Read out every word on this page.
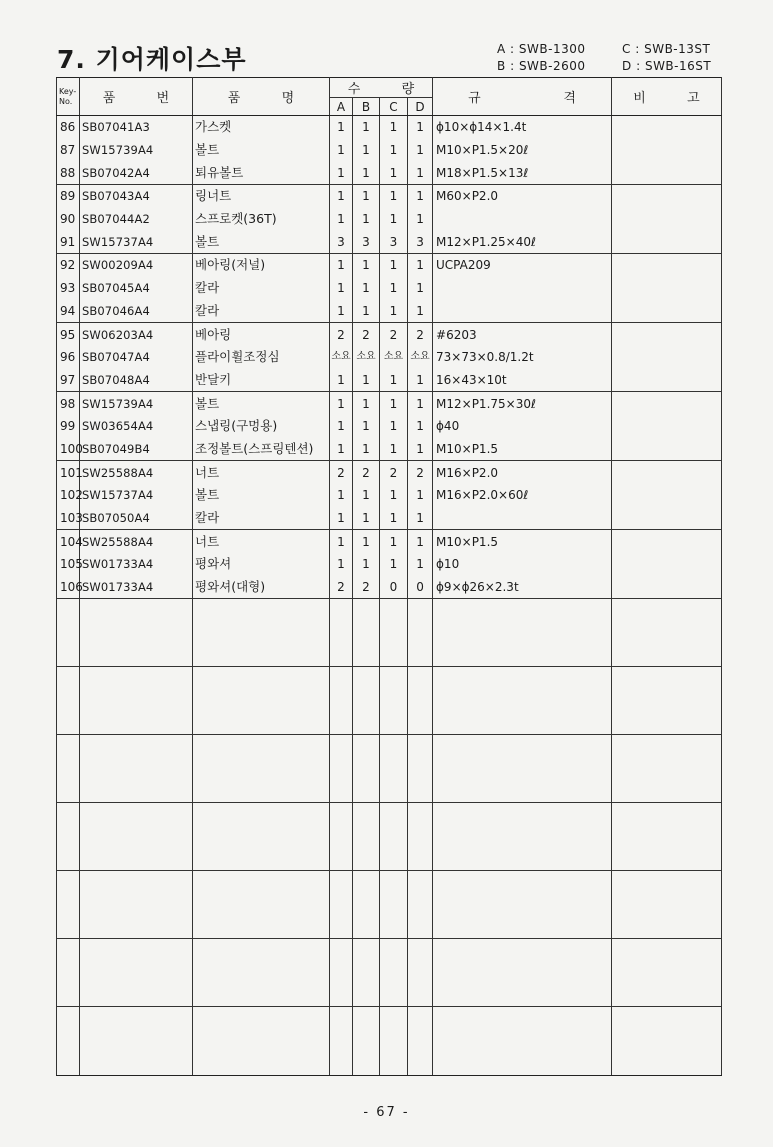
7. 기어케이스부	A : SWB-1300
B : SWB-2600
C : SWB-13ST
D : SWB-16ST
Key-
No.	품          번	품          명	수          량				규                    격	비          고
			A	B	C	D		
86	SB07041A3	가스켓	1	1	1	1	ϕ10×ϕ14×1.4t	
87	SW15739A4	볼트	1	1	1	1	M10×P1.5×20ℓ	
88	SB07042A4	퇴유볼트	1	1	1	1	M18×P1.5×13ℓ	
89	SB07043A4	링너트	1	1	1	1	M60×P2.0	
90	SB07044A2	스프로켓(36T)	1	1	1	1		
91	SW15737A4	볼트	3	3	3	3	M12×P1.25×40ℓ	
92	SW00209A4	베아링(저널)	1	1	1	1	UCPA209	
93	SB07045A4	칼라	1	1	1	1		
94	SB07046A4	칼라	1	1	1	1		
95	SW06203A4	베아링	2	2	2	2	#6203	
96	SB07047A4	플라이휠조정심	소요	소요	소요	소요	73×73×0.8/1.2t	
97	SB07048A4	반달키	1	1	1	1	16×43×10t	
98	SW15739A4	볼트	1	1	1	1	M12×P1.75×30ℓ	
99	SW03654A4	스냅링(구멍용)	1	1	1	1	ϕ40	
100	SB07049B4	조정볼트(스프링텐션)	1	1	1	1	M10×P1.5	
101	SW25588A4	너트	2	2	2	2	M16×P2.0	
102	SW15737A4	볼트	1	1	1	1	M16×P2.0×60ℓ	
103	SB07050A4	칼라	1	1	1	1		
104	SW25588A4	너트	1	1	1	1	M10×P1.5	
105	SW01733A4	평와셔	1	1	1	1	ϕ10	
106	SW01733A4	평와셔(대형)	2	2	0	0	ϕ9×ϕ26×2.3t	

- 67 -
